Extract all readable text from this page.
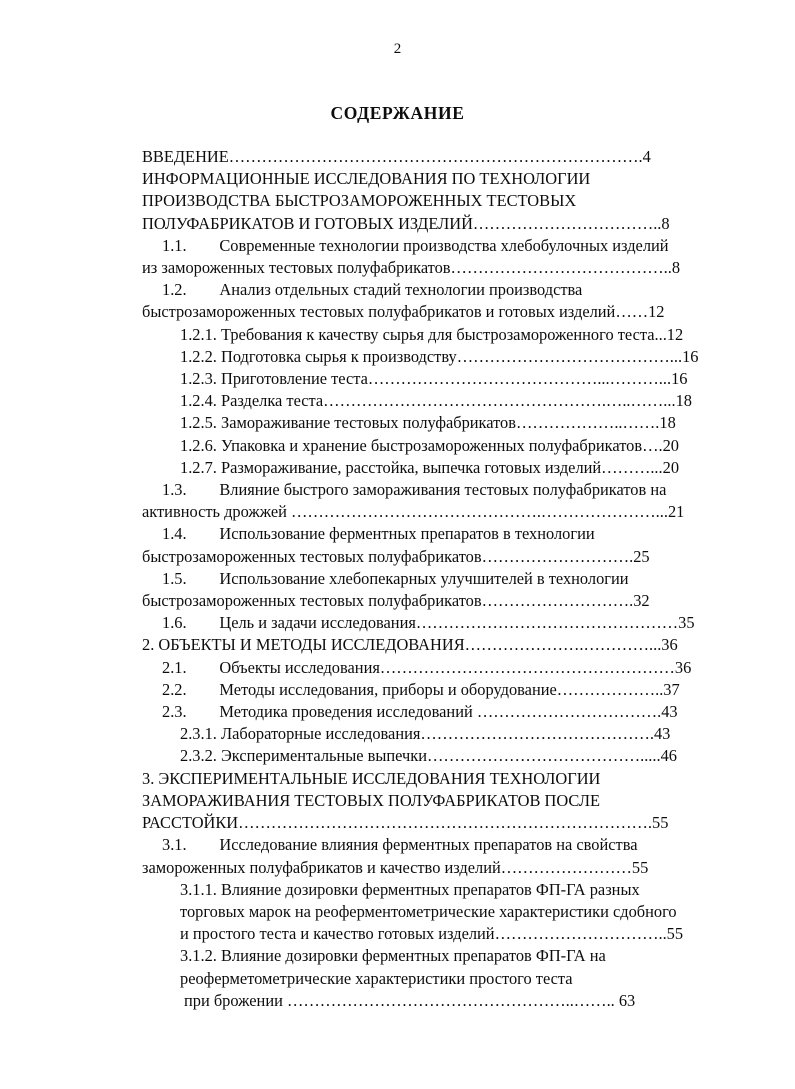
2
СОДЕРЖАНИЕ
ВВЕДЕНИЕ………………………………………………………………….4
ИНФОРМАЦИОННЫЕ ИССЛЕДОВАНИЯ ПО ТЕХНОЛОГИИ
ПРОИЗВОДСТВА БЫСТРОЗАМОРОЖЕННЫХ ТЕСТОВЫХ
ПОЛУФАБРИКАТОВ И ГОТОВЫХ ИЗДЕЛИЙ……………………………..8
1.1.        Современные технологии производства хлебобулочных изделий
из замороженных тестовых полуфабрикатов…………………………………..8
1.2.        Анализ отдельных стадий технологии производства
быстрозамороженных тестовых полуфабрикатов и готовых изделий……12
1.2.1. Требования к качеству сырья для быстрозамороженного теста...12
1.2.2. Подготовка сырья к производству…………………………………...16
1.2.3. Приготовление теста……………………………………...………...16
1.2.4. Разделка теста…………………………………………….…..……...18
1.2.5. Замораживание тестовых полуфабрикатов………………..…….18
1.2.6. Упаковка и хранение быстрозамороженных полуфабрикатов….20
1.2.7. Размораживание, расстойка, выпечка готовых изделий………...20
1.3.        Влияние быстрого замораживания тестовых полуфабрикатов на
активность дрожжей ……………………………………….…………………...21
1.4.        Использование ферментных препаратов в технологии
быстрозамороженных тестовых полуфабрикатов……………………….25
1.5.        Использование хлебопекарных улучшителей в технологии
быстрозамороженных тестовых полуфабрикатов……………………….32
1.6.        Цель и задачи исследования…………………………………………35
2. ОБЪЕКТЫ И МЕТОДЫ ИССЛЕДОВАНИЯ………………….…………...36
2.1.        Объекты исследования………………………………………………36
2.2.        Методы исследования, приборы и оборудование………………..37
2.3.        Методика проведения исследований …………………………….43
2.3.1. Лабораторные исследования…………………………………….43
2.3.2. Экспериментальные выпечки………………………………….....46
3. ЭКСПЕРИМЕНТАЛЬНЫЕ ИССЛЕДОВАНИЯ ТЕХНОЛОГИИ
ЗАМОРАЖИВАНИЯ ТЕСТОВЫХ ПОЛУФАБРИКАТОВ ПОСЛЕ
РАССТОЙКИ………………………………………………………………….55
3.1.        Исследование влияния ферментных препаратов на свойства
замороженных полуфабрикатов и качество изделий……………………55
3.1.1. Влияние дозировки ферментных препаратов ФП-ГА разных
торговых марок на реоферментометрические характеристики сдобного
и простого теста и качество готовых изделий…………………………..55
3.1.2. Влияние дозировки ферментных препаратов ФП-ГА на
реоферметометрические характеристики простого теста
при брожении ……………………………………………..…….. 63
